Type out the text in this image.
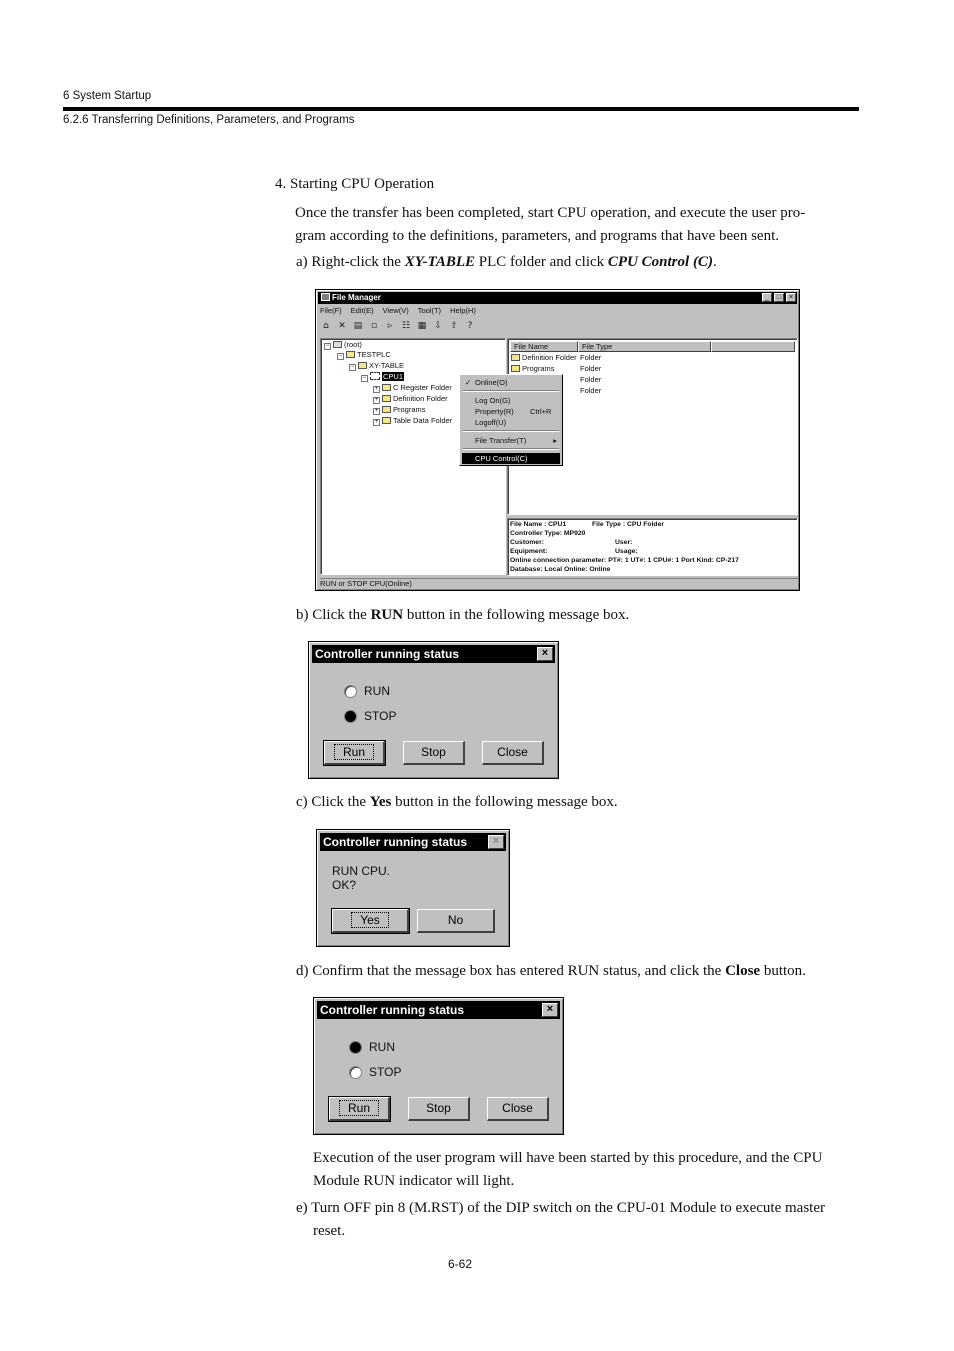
6 System Startup
6.2.6 Transferring Definitions, Parameters, and Programs
4. Starting CPU Operation
Once the transfer has been completed, start CPU operation, and execute the user pro-
gram according to the definitions, parameters, and programs that have been sent.
a) Right-click the XY-TABLE PLC folder and click CPU Control (C).
File Manager	_	□	×
File(F) Edit(E) View(V) Tool(T) Help(H)
⌂	✕ ▤ ▫	▹	☷ ▦ ⇩ ⇧	?
− (root)
− TESTPLC
− XY-TABLE
− CPU1
+ C Register Folder
+ Definition Folder
+ Programs
+ Table Data Folder
File Name	File Type
Definition Folder Folder
Programs	Folder
Folder
Folder
File Name : CPU1	File Type : CPU Folder
Controller Type: MP920
Customer:	User:
Equipment:	Usage:
Online connection parameter: PT#: 1 UT#: 1 CPU#: 1 Port Kind: CP-217
Database: Local Online: Online
RUN or STOP CPU(Online)
✓ Online(O)
Log On(G)
Property(R) Ctrl+R
Logoff(U)
File Transfer(T)	▸
CPU Control(C)
b) Click the RUN button in the following message box.
Controller running status	×
RUN
STOP
Run	Stop	Close
c) Click the Yes button in the following message box.
Controller running status	×
RUN CPU.
OK?
Yes	No
d) Confirm that the message box has entered RUN status, and click the Close button.
Controller running status	×
RUN
STOP
Run	Stop	Close
Execution of the user program will have been started by this procedure, and the CPU
Module RUN indicator will light.
e) Turn OFF pin 8 (M.RST) of the DIP switch on the CPU-01 Module to execute master
reset.
6-62
